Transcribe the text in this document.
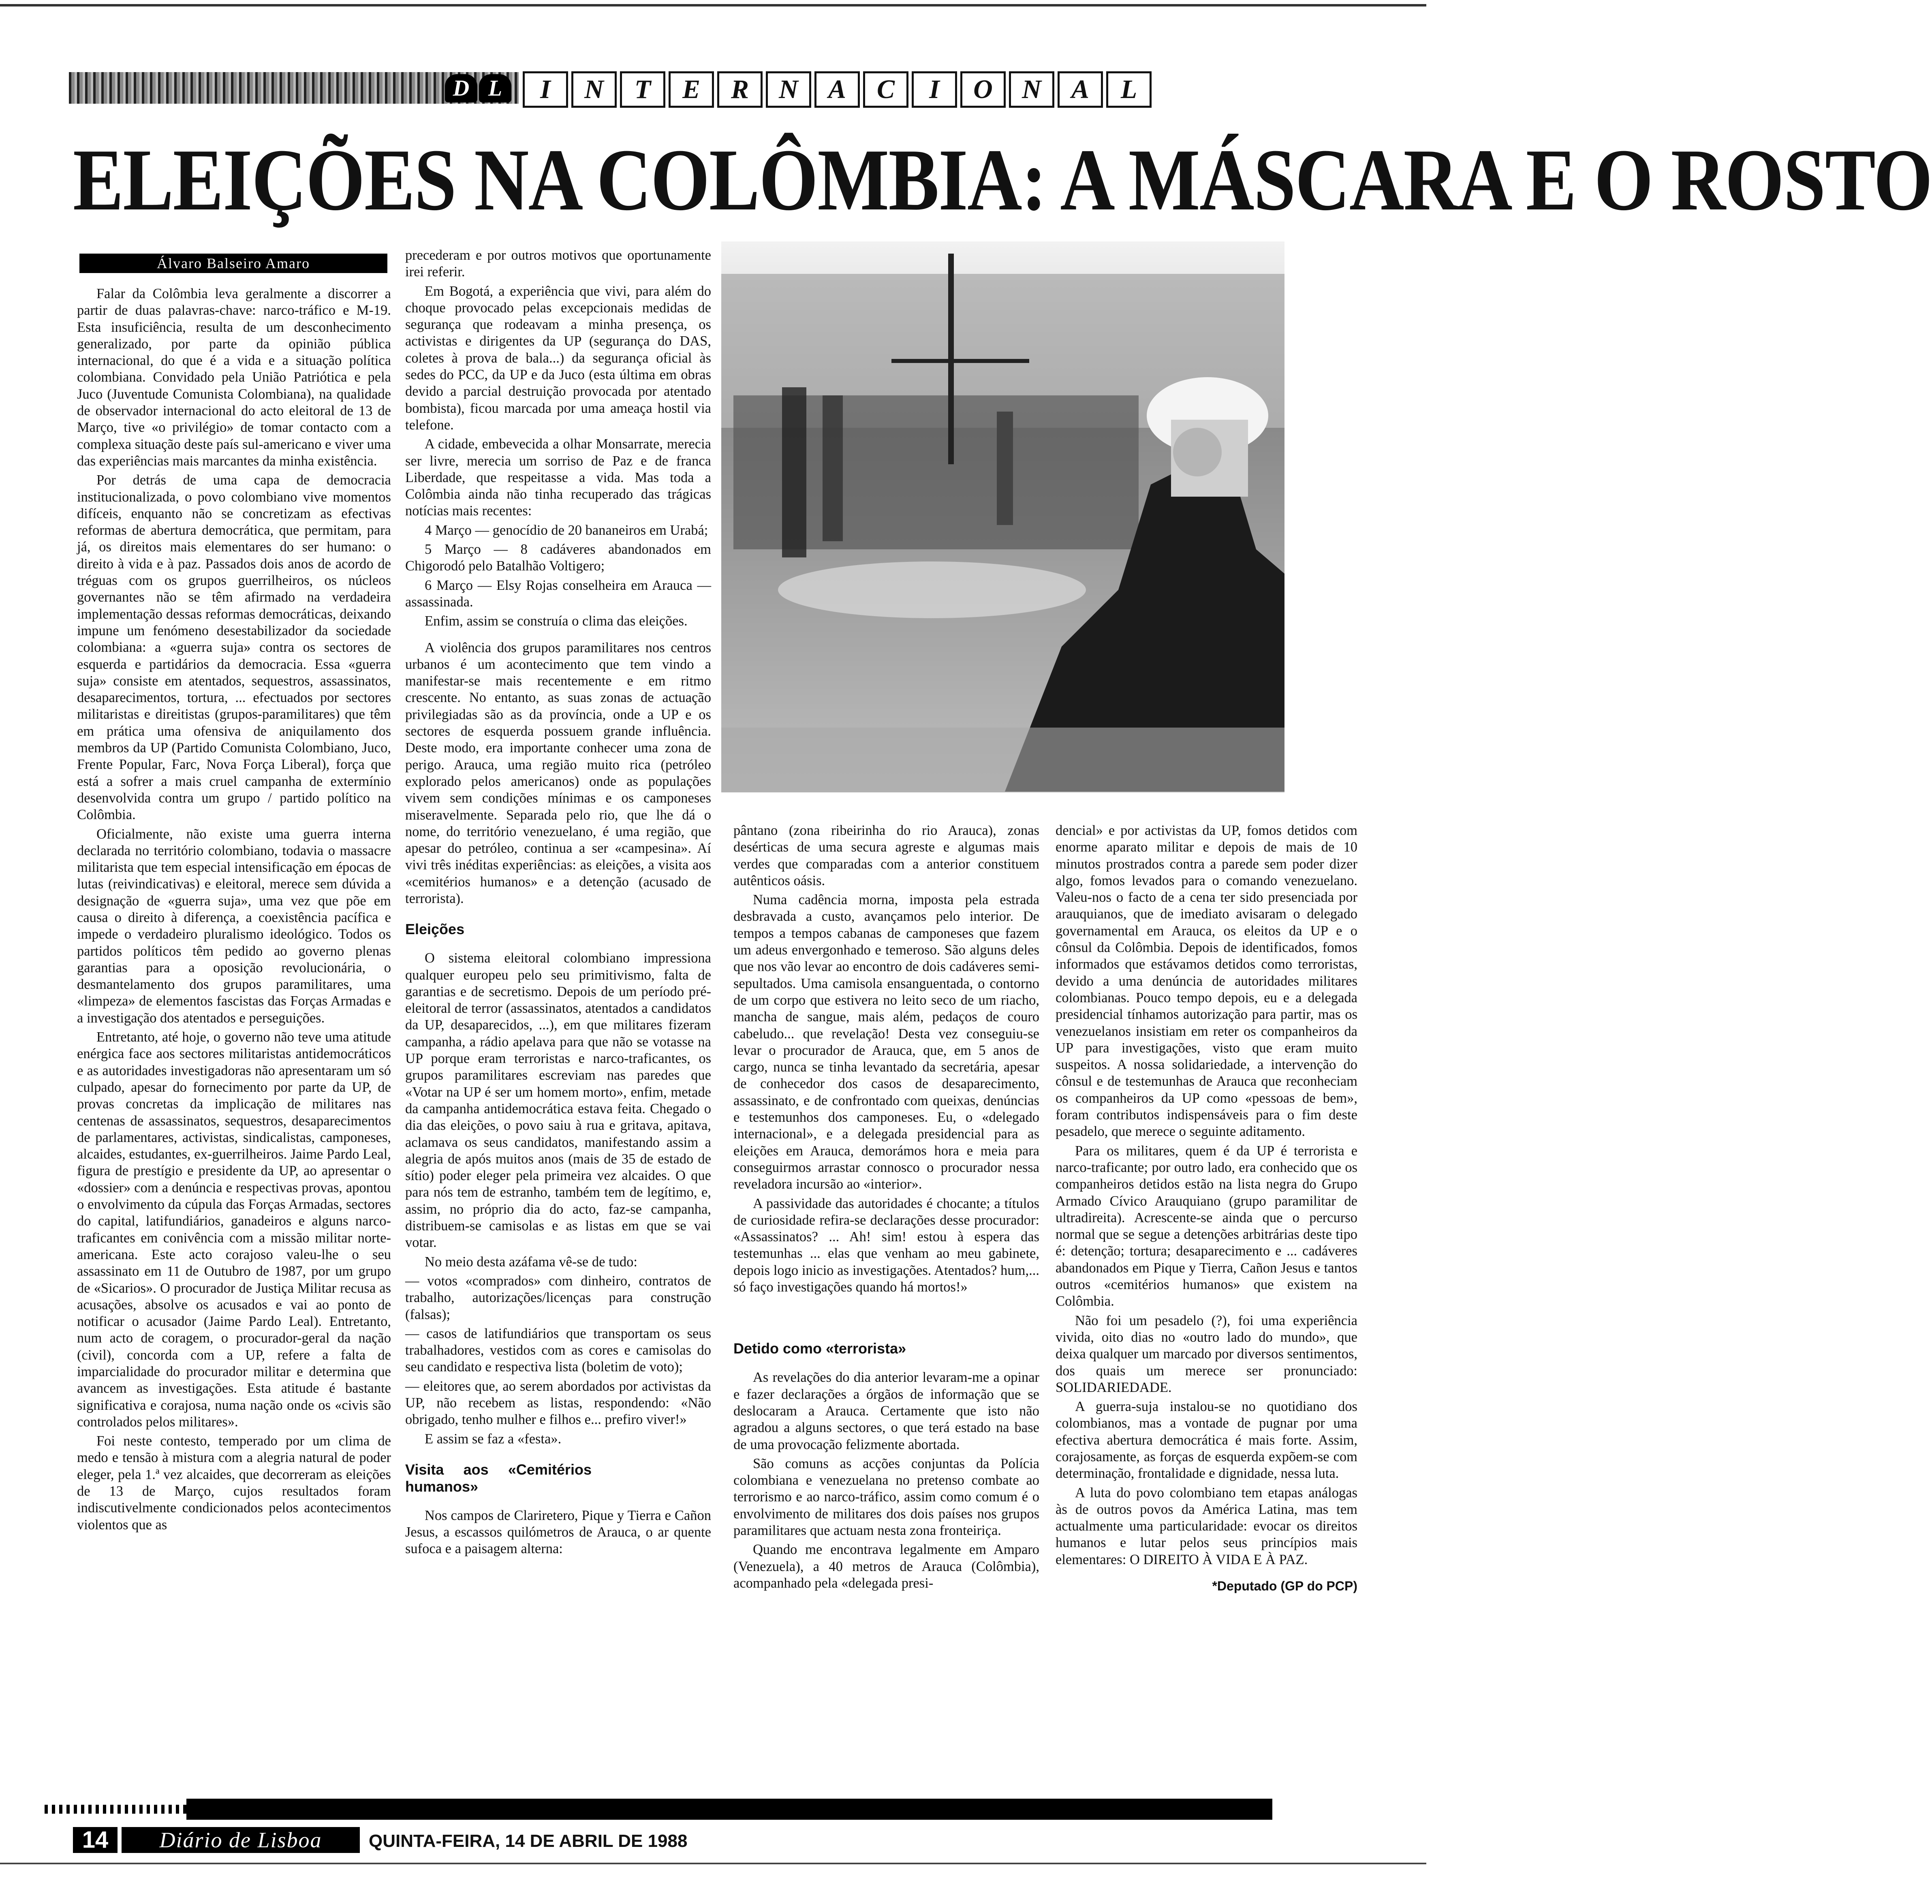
D L	I	N	T	E	R	N	A	C	I	O	N	A	L
ELEIÇÕES NA COLÔMBIA: A MÁSCARA E O ROSTO
Álvaro Balseiro Amaro

Falar da Colômbia leva geralmente a discorrer a partir de duas palavras-chave: narco-tráfico e M-19. Esta insuficiência, resulta de um desconhecimento generalizado, por parte da opinião pública internacional, do que é a vida e a situação política colombiana. Convidado pela União Patriótica e pela Juco (Juventude Comunista Colombiana), na qualidade de observador internacional do acto eleitoral de 13 de Março, tive «o privilégio» de tomar contacto com a complexa situação deste país sul-americano e viver uma das experiências mais marcantes da minha existência.

Por detrás de uma capa de democracia institucionalizada, o povo colombiano vive momentos difíceis, enquanto não se concretizam as efectivas reformas de abertura democrática, que permitam, para já, os direitos mais elementares do ser humano: o direito à vida e à paz. Passados dois anos de acordo de tréguas com os grupos guerrilheiros, os núcleos governantes não se têm afirmado na verdadeira implementação dessas reformas democráticas, deixando impune um fenómeno desestabilizador da sociedade colombiana: a «guerra suja» contra os sectores de esquerda e partidários da democracia. Essa «guerra suja» consiste em atentados, sequestros, assassinatos, desaparecimentos, tortura, ... efectuados por sectores militaristas e direitistas (grupos-paramilitares) que têm em prática uma ofensiva de aniquilamento dos membros da UP (Partido Comunista Colombiano, Juco, Frente Popular, Farc, Nova Força Liberal), força que está a sofrer a mais cruel campanha de extermínio desenvolvida contra um grupo / partido político na Colômbia.

Oficialmente, não existe uma guerra interna declarada no território colombiano, todavia o massacre militarista que tem especial intensificação em épocas de lutas (reivindicativas) e eleitoral, merece sem dúvida a designação de «guerra suja», uma vez que põe em causa o direito à diferença, a coexistência pacífica e impede o verdadeiro pluralismo ideológico. Todos os partidos políticos têm pedido ao governo plenas garantias para a oposição revolucionária, o desmantelamento dos grupos paramilitares, uma «limpeza» de elementos fascistas das Forças Armadas e a investigação dos atentados e perseguições.

Entretanto, até hoje, o governo não teve uma atitude enérgica face aos sectores militaristas antidemocráticos e as autoridades investigadoras não apresentaram um só culpado, apesar do fornecimento por parte da UP, de provas concretas da implicação de militares nas centenas de assassinatos, sequestros, desaparecimentos de parlamentares, activistas, sindicalistas, camponeses, alcaides, estudantes, ex-guerrilheiros. Jaime Pardo Leal, figura de prestígio e presidente da UP, ao apresentar o «dossier» com a denúncia e respectivas provas, apontou o envolvimento da cúpula das Forças Armadas, sectores do capital, latifundiários, ganadeiros e alguns narco-traficantes em conivência com a missão militar norte-americana. Este acto corajoso valeu-lhe o seu assassinato em 11 de Outubro de 1987, por um grupo de «Sicarios». O procurador de Justiça Militar recusa as acusações, absolve os acusados e vai ao ponto de notificar o acusador (Jaime Pardo Leal). Entretanto, num acto de coragem, o procurador-geral da nação (civil), concorda com a UP, refere a falta de imparcialidade do procurador militar e determina que avancem as investigações. Esta atitude é bastante significativa e corajosa, numa nação onde os «civis são controlados pelos militares».

Foi neste contesto, temperado por um clima de medo e tensão à mistura com a alegria natural de poder eleger, pela 1.ª vez alcaides, que decorreram as eleições de 13 de Março, cujos resultados foram indiscutivelmente condicionados pelos acontecimentos violentos que as

precederam e por outros motivos que oportunamente irei referir.

Em Bogotá, a experiência que vivi, para além do choque provocado pelas excepcionais medidas de segurança que rodeavam a minha presença, os activistas e dirigentes da UP (segurança do DAS, coletes à prova de bala...) da segurança oficial às sedes do PCC, da UP e da Juco (esta última em obras devido a parcial destruição provocada por atentado bombista), ficou marcada por uma ameaça hostil via telefone.

A cidade, embevecida a olhar Monsarrate, merecia ser livre, merecia um sorriso de Paz e de franca Liberdade, que respeitasse a vida. Mas toda a Colômbia ainda não tinha recuperado das trágicas notícias mais recentes:

4 Março — genocídio de 20 bananeiros em Urabá;

5 Março — 8 cadáveres abandonados em Chigorodó pelo Batalhão Voltigero;

6 Março — Elsy Rojas conselheira em Arauca — assassinada.

Enfim, assim se construía o clima das eleições.

A violência dos grupos paramilitares nos centros urbanos é um acontecimento que tem vindo a manifestar-se mais recentemente e em ritmo crescente. No entanto, as suas zonas de actuação privilegiadas são as da província, onde a UP e os sectores de esquerda possuem grande influência. Deste modo, era importante conhecer uma zona de perigo. Arauca, uma região muito rica (petróleo explorado pelos americanos) onde as populações vivem sem condições mínimas e os camponeses miseravelmente. Separada pelo rio, que lhe dá o nome, do território venezuelano, é uma região, que apesar do petróleo, continua a ser «campesina». Aí vivi três inéditas experiências: as eleições, a visita aos «cemitérios humanos» e a detenção (acusado de terrorista).

Eleições

O sistema eleitoral colombiano impressiona qualquer europeu pelo seu primitivismo, falta de garantias e de secretismo. Depois de um período pré-eleitoral de terror (assassinatos, atentados a candidatos da UP, desaparecidos, ...), em que militares fizeram campanha, a rádio apelava para que não se votasse na UP porque eram terroristas e narco-traficantes, os grupos paramilitares escreviam nas paredes que «Votar na UP é ser um homem morto», enfim, metade da campanha antidemocrática estava feita. Chegado o dia das eleições, o povo saiu à rua e gritava, apitava, aclamava os seus candidatos, manifestando assim a alegria de após muitos anos (mais de 35 de estado de sítio) poder eleger pela primeira vez alcaides. O que para nós tem de estranho, também tem de legítimo, e, assim, no próprio dia do acto, faz-se campanha, distribuem-se camisolas e as listas em que se vai votar.

No meio desta azáfama vê-se de tudo:

— votos «comprados» com dinheiro, contratos de trabalho, autorizações/licenças para construção (falsas);

— casos de latifundiários que transportam os seus trabalhadores, vestidos com as cores e camisolas do seu candidato e respectiva lista (boletim de voto);

— eleitores que, ao serem abordados por activistas da UP, não recebem as listas, respondendo: «Não obrigado, tenho mulher e filhos e... prefiro viver!»

E assim se faz a «festa».

Visita aos «Cemitérios humanos»

Nos campos de Clariretero, Pique y Tierra e Cañon Jesus, a escassos quilómetros de Arauca, o ar quente sufoca e a paisagem alterna:

pântano (zona ribeirinha do rio Arauca), zonas desérticas de uma secura agreste e algumas mais verdes que comparadas com a anterior constituem autênticos oásis.

Numa cadência morna, imposta pela estrada desbravada a custo, avançamos pelo interior. De tempos a tempos cabanas de camponeses que fazem um adeus envergonhado e temeroso. São alguns deles que nos vão levar ao encontro de dois cadáveres semi-sepultados. Uma camisola ensanguentada, o contorno de um corpo que estivera no leito seco de um riacho, mancha de sangue, mais além, pedaços de couro cabeludo... que revelação! Desta vez conseguiu-se levar o procurador de Arauca, que, em 5 anos de cargo, nunca se tinha levantado da secretária, apesar de conhecedor dos casos de desaparecimento, assassinato, e de confrontado com queixas, denúncias e testemunhos dos camponeses. Eu, o «delegado internacional», e a delegada presidencial para as eleições em Arauca, demorámos hora e meia para conseguirmos arrastar connosco o procurador nessa reveladora incursão ao «interior».

A passividade das autoridades é chocante; a títulos de curiosidade refira-se declarações desse procurador: «Assassinatos? ... Ah! sim! estou à espera das testemunhas ... elas que venham ao meu gabinete, depois logo inicio as investigações. Atentados? hum,... só faço investigações quando há mortos!»

Detido como «terrorista»

As revelações do dia anterior levaram-me a opinar e fazer declarações a órgãos de informação que se deslocaram a Arauca. Certamente que isto não agradou a alguns sectores, o que terá estado na base de uma provocação felizmente abortada.

São comuns as acções conjuntas da Polícia colombiana e venezuelana no pretenso combate ao terrorismo e ao narco-tráfico, assim como comum é o envolvimento de militares dos dois países nos grupos paramilitares que actuam nesta zona fronteiriça.

Quando me encontrava legalmente em Amparo (Venezuela), a 40 metros de Arauca (Colômbia), acompanhado pela «delegada presi-

dencial» e por activistas da UP, fomos detidos com enorme aparato militar e depois de mais de 10 minutos prostrados contra a parede sem poder dizer algo, fomos levados para o comando venezuelano. Valeu-nos o facto de a cena ter sido presenciada por arauquianos, que de imediato avisaram o delegado governamental em Arauca, os eleitos da UP e o cônsul da Colômbia. Depois de identificados, fomos informados que estávamos detidos como terroristas, devido a uma denúncia de autoridades militares colombianas. Pouco tempo depois, eu e a delegada presidencial tínhamos autorização para partir, mas os venezuelanos insistiam em reter os companheiros da UP para investigações, visto que eram muito suspeitos. A nossa solidariedade, a intervenção do cônsul e de testemunhas de Arauca que reconheciam os companheiros da UP como «pessoas de bem», foram contributos indispensáveis para o fim deste pesadelo, que merece o seguinte aditamento.

Para os militares, quem é da UP é terrorista e narco-traficante; por outro lado, era conhecido que os companheiros detidos estão na lista negra do Grupo Armado Cívico Arauquiano (grupo paramilitar de ultradireita). Acrescente-se ainda que o percurso normal que se segue a detenções arbitrárias deste tipo é: detenção; tortura; desaparecimento e ... cadáveres abandonados em Pique y Tierra, Cañon Jesus e tantos outros «cemitérios humanos» que existem na Colômbia.

Não foi um pesadelo (?), foi uma experiência vivida, oito dias no «outro lado do mundo», que deixa qualquer um marcado por diversos sentimentos, dos quais um merece ser pronunciado: SOLIDARIEDADE.

A guerra-suja instalou-se no quotidiano dos colombianos, mas a vontade de pugnar por uma efectiva abertura democrática é mais forte. Assim, corajosamente, as forças de esquerda expõem-se com determinação, frontalidade e dignidade, nessa luta.

A luta do povo colombiano tem etapas análogas às de outros povos da América Latina, mas tem actualmente uma particularidade: evocar os direitos humanos e lutar pelos seus princípios mais elementares: O DIREITO À VIDA E À PAZ.

*Deputado (GP do PCP)

14	Diário de Lisboa	QUINTA-FEIRA, 14 DE ABRIL DE 1988
